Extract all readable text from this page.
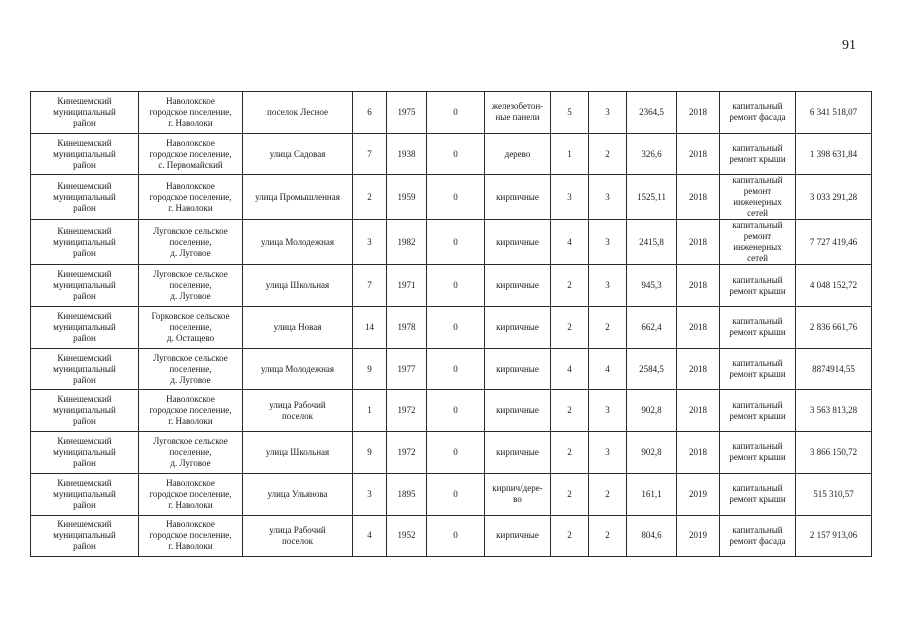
91
Кинешемский
муниципальный
район	Наволокское
городское поселение,
г. Наволоки	поселок Лесное	6	1975	0	железобетон-
ные панели	5	3	2364,5	2018	капитальный
ремонт фасада	6 341 518,07
Кинешемский
муниципальный
район	Наволокское
городское поселение,
с. Первомайский	улица Садовая	7	1938	0	дерево	1	2	326,6	2018	капитальный
ремонт крыши	1 398 631,84
Кинешемский
муниципальный
район	Наволокское
городское поселение,
г. Наволоки	улица Промышленная	2	1959	0	кирпичные	3	3	1525,11	2018	капитальный
ремонт
инженерных
сетей	3 033 291,28
Кинешемский
муниципальный
район	Луговское сельское
поселение,
д. Луговое	улица Молодежная	3	1982	0	кирпичные	4	3	2415,8	2018	капитальный
ремонт
инженерных
сетей	7 727 419,46
Кинешемский
муниципальный
район	Луговское сельское
поселение,
д. Луговое	улица Школьная	7	1971	0	кирпичные	2	3	945,3	2018	капитальный
ремонт крыши	4 048 152,72
Кинешемский
муниципальный
район	Горковское сельское
поселение,
д. Остащево	улица Новая	14	1978	0	кирпичные	2	2	662,4	2018	капитальный
ремонт крыши	2 836 661,76
Кинешемский
муниципальный
район	Луговское сельское
поселение,
д. Луговое	улица Молодежная	9	1977	0	кирпичные	4	4	2584,5	2018	капитальный
ремонт крыши	8874914,55
Кинешемский
муниципальный
район	Наволокское
городское поселение,
г. Наволоки	улица Рабочий
поселок	1	1972	0	кирпичные	2	3	902,8	2018	капитальный
ремонт крыши	3 563 813,28
Кинешемский
муниципальный
район	Луговское сельское
поселение,
д. Луговое	улица Школьная	9	1972	0	кирпичные	2	3	902,8	2018	капитальный
ремонт крыши	3 866 150,72
Кинешемский
муниципальный
район	Наволокское
городское поселение,
г. Наволоки	улица Ульянова	3	1895	0	кирпич/дере-
во	2	2	161,1	2019	капитальный
ремонт крыши	515 310,57
Кинешемский
муниципальный
район	Наволокское
городское поселение,
г. Наволоки	улица Рабочий
поселок	4	1952	0	кирпичные	2	2	804,6	2019	капитальный
ремонт фасада	2 157 913,06
